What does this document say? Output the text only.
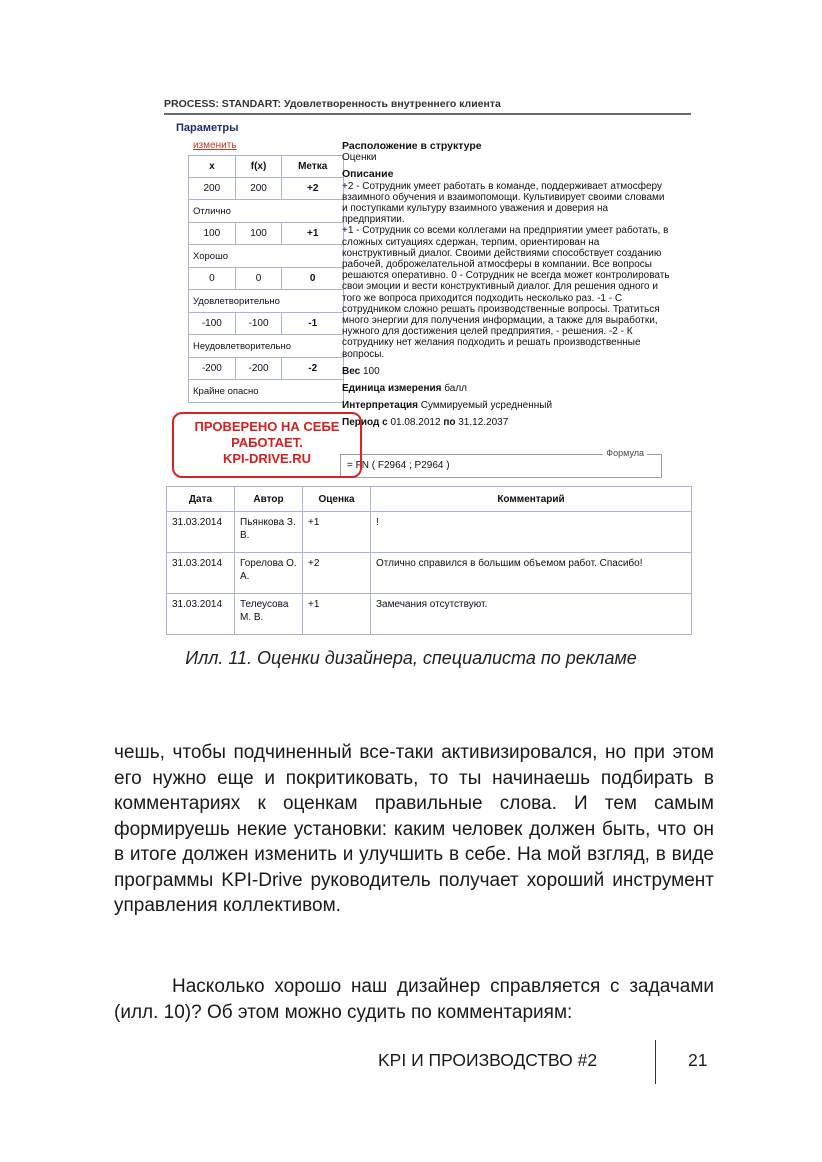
PROCESS: STANDART: Удовлетворенность внутреннего клиента
Параметры
изменить
x	f(x)	Метка
200	200	+2
Отлично		
100	100	+1
Хорошо		
0	0	0
Удовлетворительно		
-100	-100	-1
Неудовлетворительно		
-200	-200	-2
Крайне опасно		

Расположение в структуре

Оценки

Описание

+2 - Сотрудник умеет работать в команде, поддерживает атмосферу взаимного обучения и взаимопомощи. Культивирует своими словами и поступками культуру взаимного уважения и доверия на предприятии.

+1 - Сотрудник со всеми коллегами на предприятии умеет работать, в сложных ситуациях сдержан, терпим, ориентирован на конструктивный диалог. Своими действиями способствует созданию рабочей, доброжелательной атмосферы в компании. Все вопросы решаются оперативно. 0 - Сотрудник не всегда может контролировать свои эмоции и вести конструктивный диалог. Для решения одного и того же вопроса приходится подходить несколько раз. -1 - С сотрудником сложно решать производственные вопросы. Тратиться много энергии для получения информации, а также для выработки, нужного для достижения целей предприятия, - решения. -2 - К сотруднику нет желания подходить и решать производственные вопросы.

Вес 100

Единица измерения балл

Интерпретация Суммируемый усредненный

Период с 01.08.2012 по 31.12.2037

Формула
= FN ( F2964 ; P2964 )
ПРОВЕРЕНО НА СЕБЕ
РАБОТАЕТ.
KPI-DRIVE.RU
Дата	Автор	Оценка	Комментарий
31.03.2014	Пьянкова З. В.	+1	!
31.03.2014	Горелова О. А.	+2	Отлично справился в большим объемом работ. Спасибо!
31.03.2014	Телеусова М. В.	+1	Замечания отсутствуют.
Илл. 11. Оценки дизайнера, специалиста по рекламе
чешь, чтобы подчиненный все-таки активизировался, но при этом его нужно еще и покритиковать, то ты начинаешь подбирать в комментариях к оценкам правильные слова. И тем самым формируешь некие установки: каким человек должен быть, что он в итоге должен изменить и улучшить в себе. На мой взгляд, в виде программы KPI-Drive руководитель получает хороший инструмент управления коллективом.
Насколько хорошо наш дизайнер справляется с задачами (илл. 10)? Об этом можно судить по комментариям:
KPI И ПРОИЗВОДСТВО #2	21
